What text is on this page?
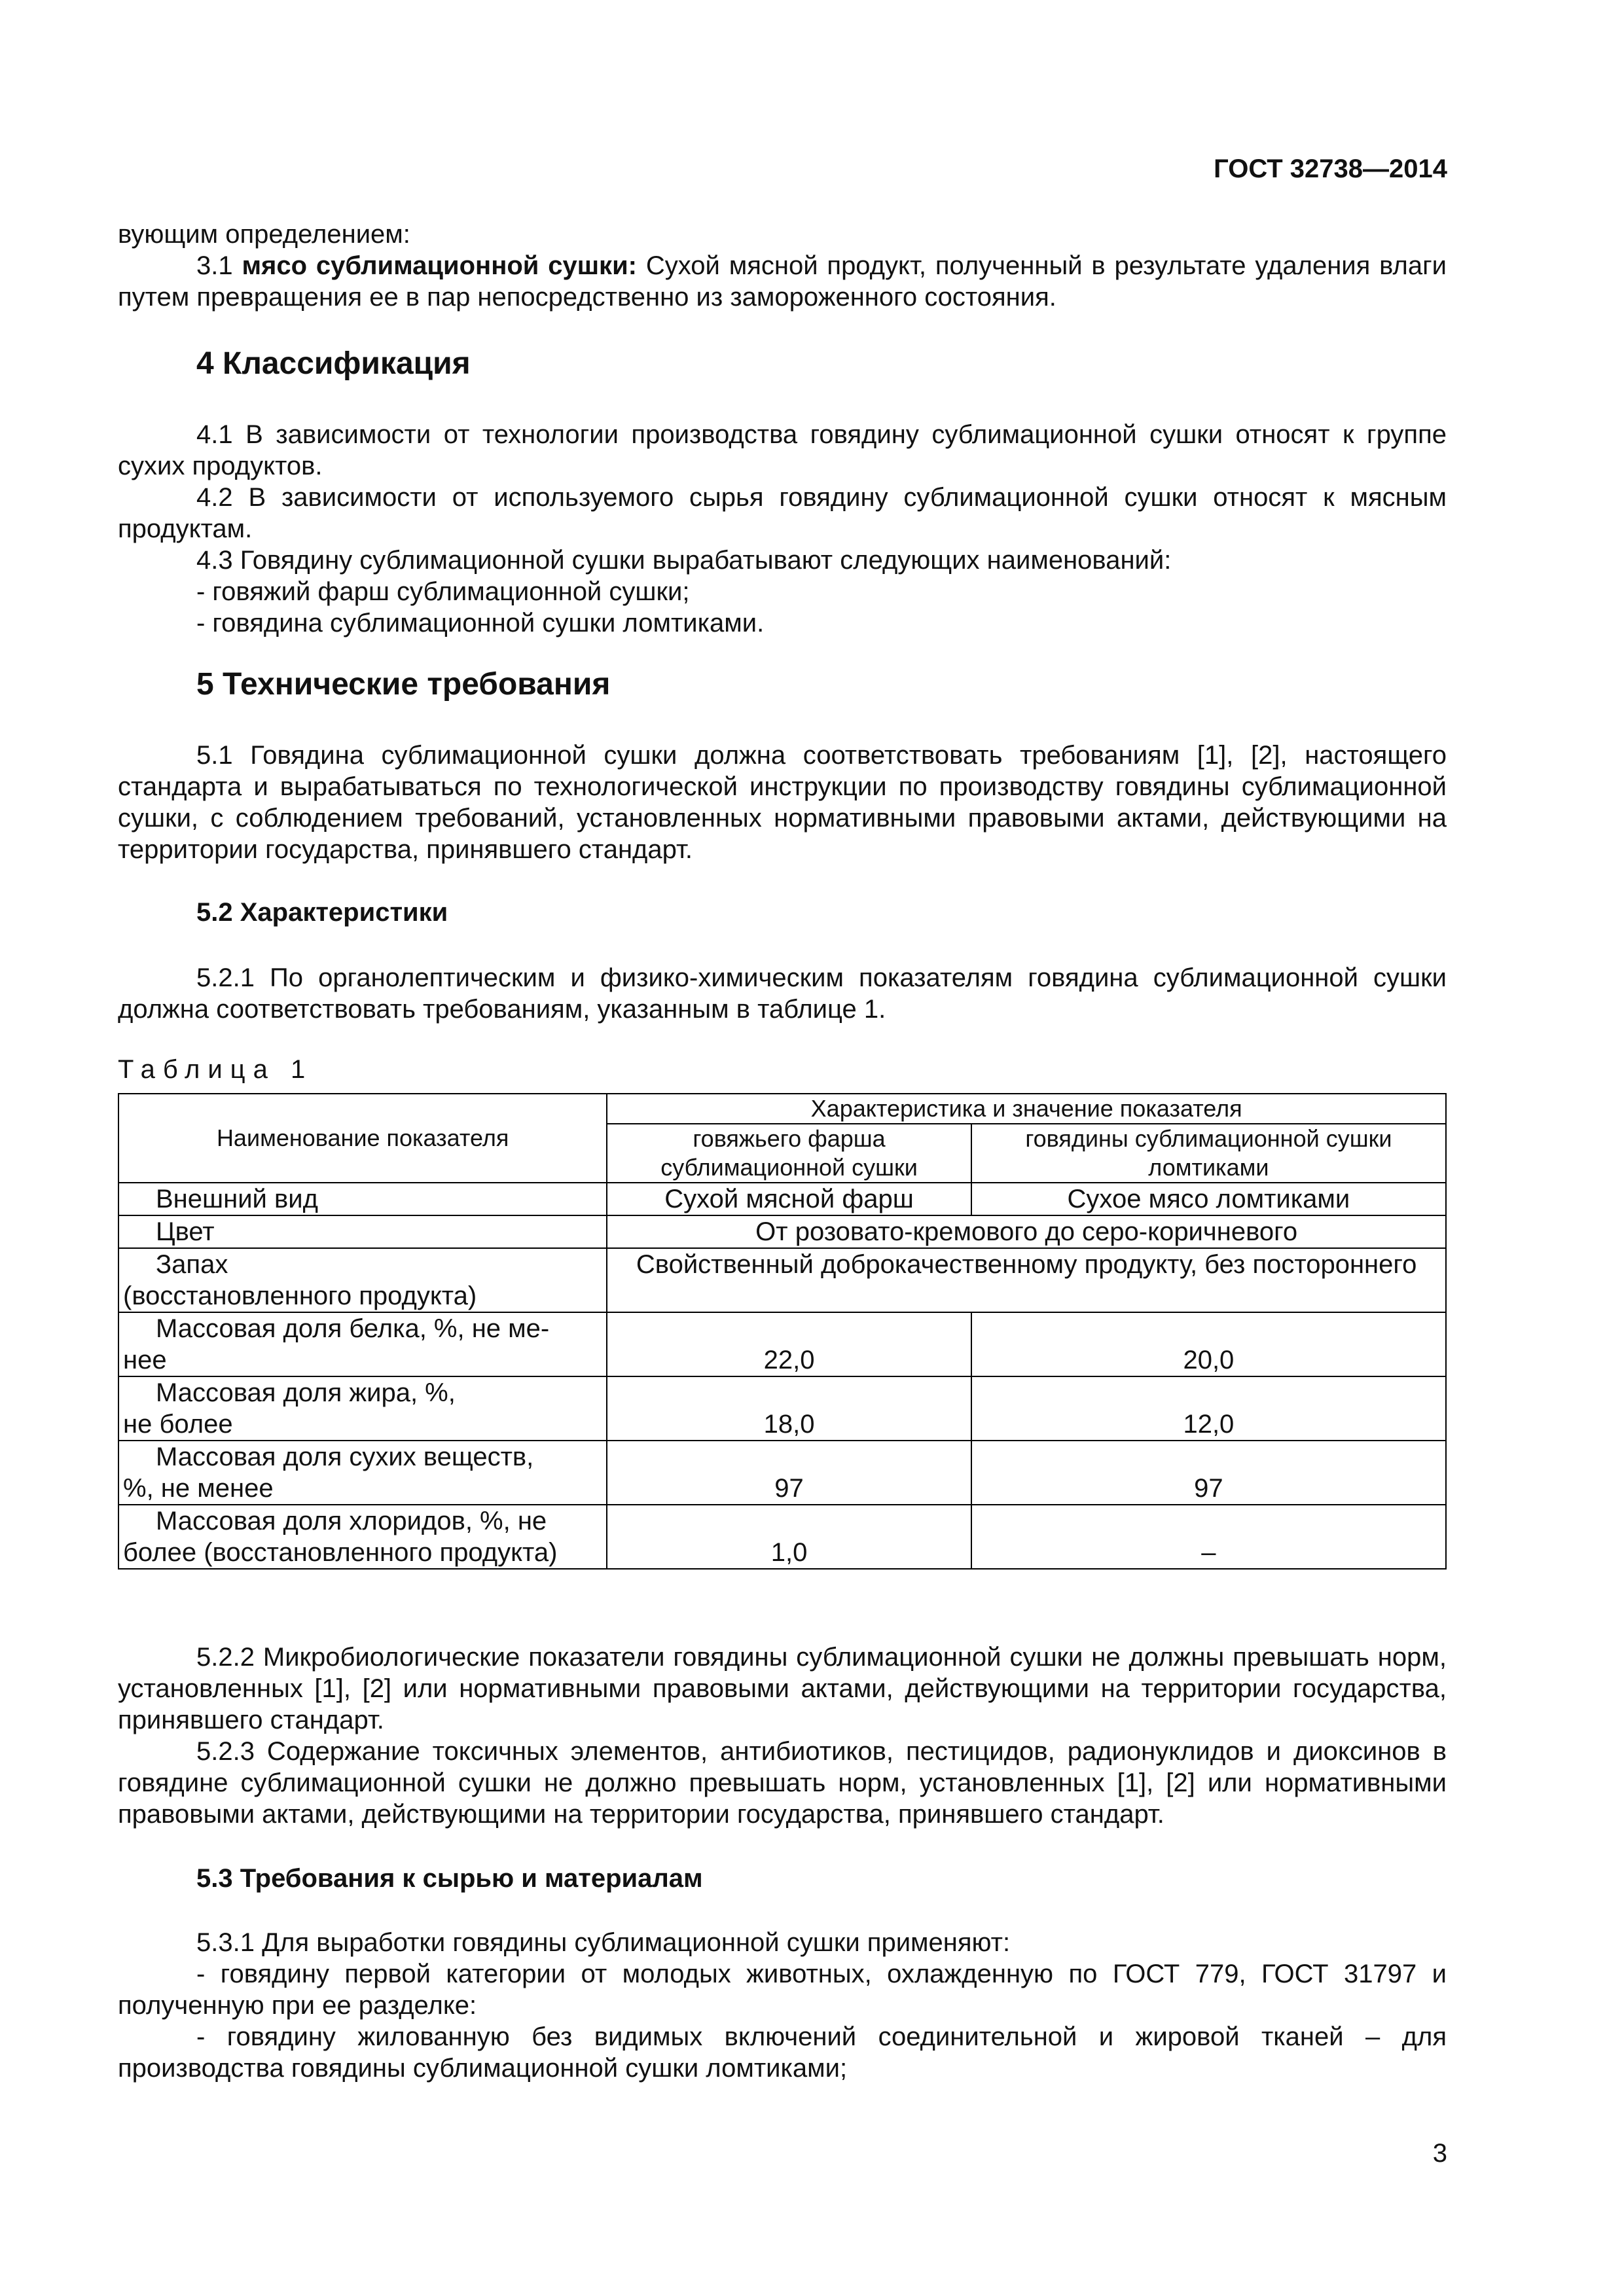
ГОСТ 32738—2014

вующим определением:

3.1 мясо сублимационной сушки: Сухой мясной продукт, полученный в результате удаления влаги путем превращения ее в пар непосредственно из замороженного состояния.

4 Классификация

4.1 В зависимости от технологии производства говядину сублимационной сушки относят к группе сухих продуктов.

4.2 В зависимости от используемого сырья говядину сублимационной сушки относят к мясным продуктам.

4.3 Говядину сублимационной сушки вырабатывают следующих наименований:

- говяжий фарш сублимационной сушки;

- говядина сублимационной сушки ломтиками.

5 Технические требования

5.1 Говядина сублимационной сушки должна соответствовать требованиям [1], [2], настоящего стандарта и вырабатываться по технологической инструкции по производству говядины сублимационной сушки, с соблюдением требований, установленных нормативными правовыми актами, действующими на территории государства, принявшего стандарт.

5.2 Характеристики

5.2.1 По органолептическим и физико-химическим показателям говядина сублимационной сушки должна соответствовать требованиям, указанным в таблице 1.

Таблица 1
Наименование показателя	Характеристика и значение показателя	
	говяжьего фарша сублимационной сушки	говядины сублимационной сушки ломтиками

Внешний вид	Сухой мясной фарш	Сухое мясо ломтиками

Цвет	От розовато-кремового до серо-коричневого	

Запах
(восстановленного продукта)	Свойственный доброкачественному продукту, без постороннего	

Массовая доля белка, %, не ме-
нее	22,0	20,0

Массовая доля жира, %,
не более	18,0	12,0

Массовая доля сухих веществ,
%, не менее	97	97

Массовая доля хлоридов, %, не
более (восстановленного продукта)	1,0	–

5.2.2 Микробиологические показатели говядины сублимационной сушки не должны превышать норм, установленных [1], [2] или нормативными правовыми актами, действующими на территории государства, принявшего стандарт.

5.2.3 Содержание токсичных элементов, антибиотиков, пестицидов, радионуклидов и диоксинов в говядине сублимационной сушки не должно превышать норм, установленных [1], [2] или нормативными правовыми актами, действующими на территории государства, принявшего стандарт.

5.3 Требования к сырью и материалам

5.3.1 Для выработки говядины сублимационной сушки применяют:

- говядину первой категории от молодых животных, охлажденную по ГОСТ 779, ГОСТ 31797 и полученную при ее разделке:

- говядину жилованную без видимых включений соединительной и жировой тканей – для производства говядины сублимационной сушки ломтиками;

3
